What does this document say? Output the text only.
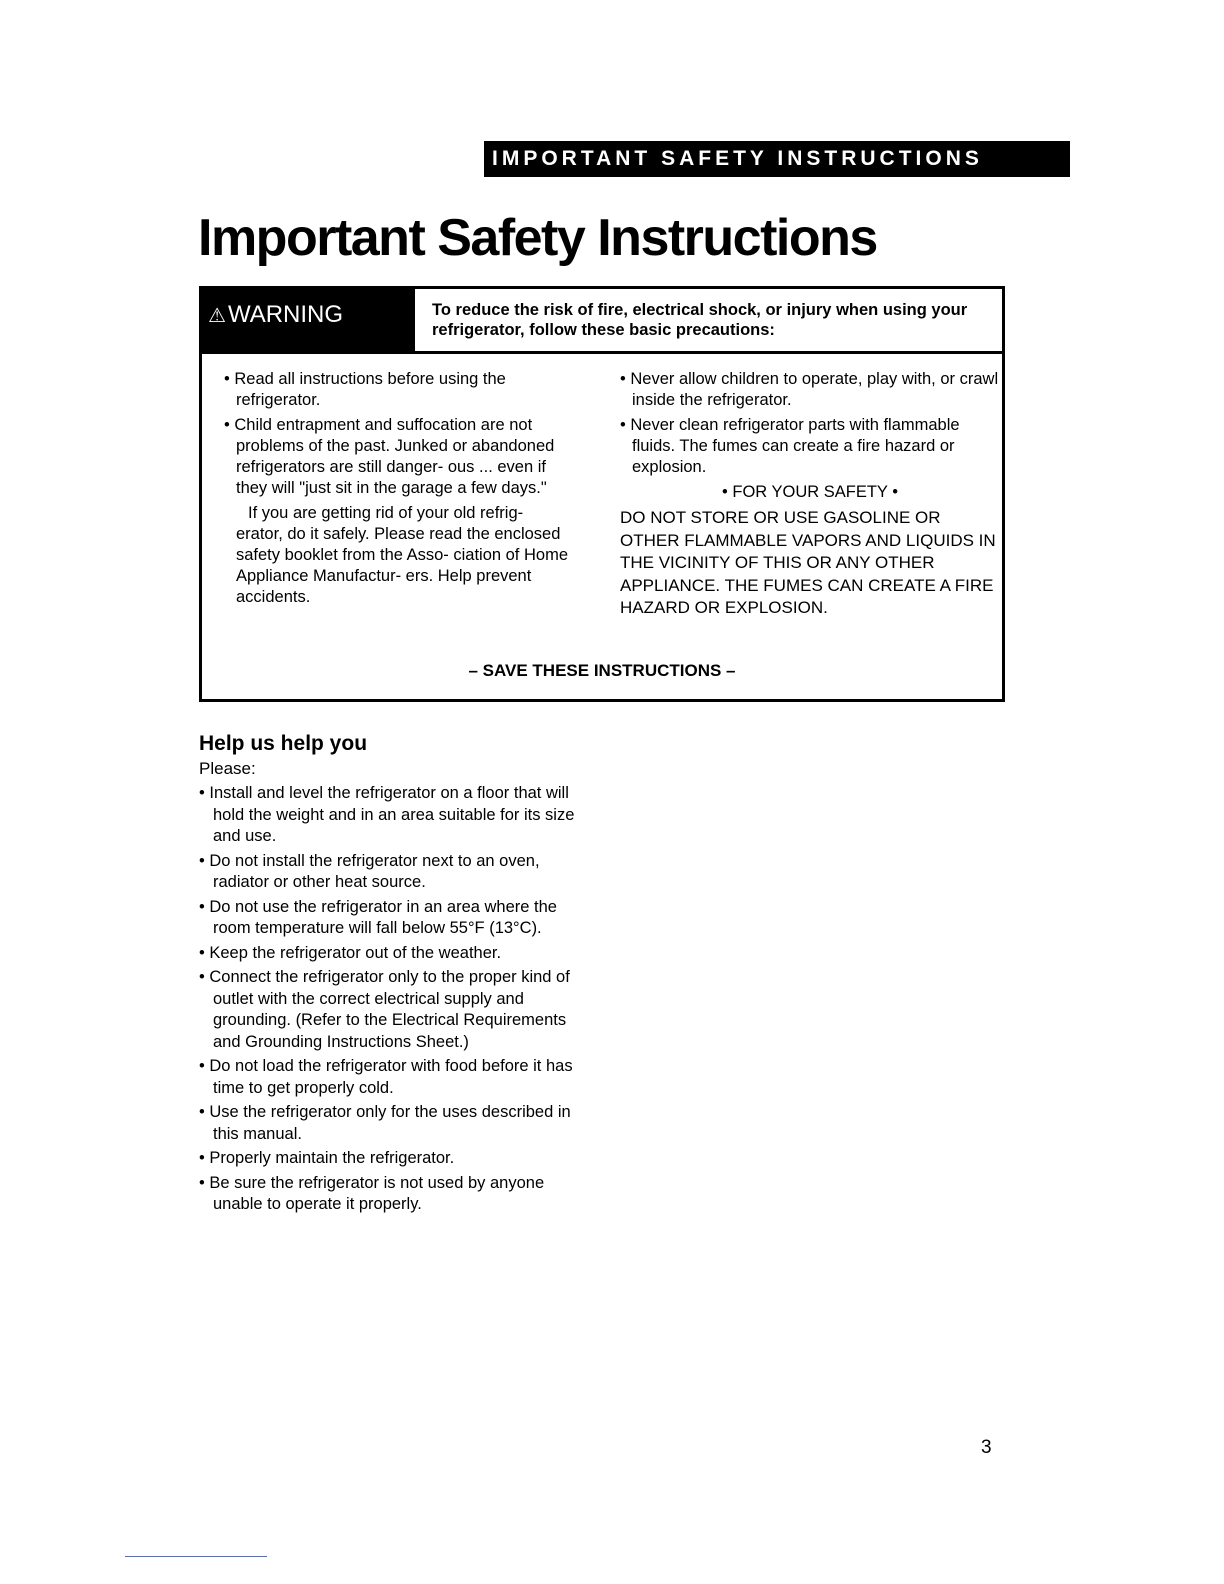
IMPORTANT SAFETY INSTRUCTIONS
Important Safety Instructions
⚠WARNING	To reduce the risk of fire, electrical shock, or injury when using your refrigerator, follow these basic precautions:
• Read all instructions before using the refrigerator.
• Child entrapment and suffocation are not problems of the past. Junked or abandoned refrigerators are still danger- ous ... even if they will "just sit in the garage a few days."
If you are getting rid of your old refrig- erator, do it safely. Please read the enclosed safety booklet from the Asso- ciation of Home Appliance Manufactur- ers. Help prevent accidents.
• Never allow children to operate, play with, or crawl inside the refrigerator.
• Never clean refrigerator parts with flammable fluids. The fumes can create a fire hazard or explosion.
• FOR YOUR SAFETY •
DO NOT STORE OR USE GASOLINE OR OTHER FLAMMABLE VAPORS AND LIQUIDS IN THE VICINITY OF THIS OR ANY OTHER APPLIANCE. THE FUMES CAN CREATE A FIRE HAZARD OR EXPLOSION.
– SAVE THESE INSTRUCTIONS –
Help us help you
Please:
• Install and level the refrigerator on a floor that will hold the weight and in an area suitable for its size and use.
• Do not install the refrigerator next to an oven, radiator or other heat source.
• Do not use the refrigerator in an area where the room temperature will fall below 55°F (13°C).
• Keep the refrigerator out of the weather.
• Connect the refrigerator only to the proper kind of outlet with the correct electrical supply and grounding. (Refer to the Electrical Requirements and Grounding Instructions Sheet.)
• Do not load the refrigerator with food before it has time to get properly cold.
• Use the refrigerator only for the uses described in this manual.
• Properly maintain the refrigerator.
• Be sure the refrigerator is not used by anyone unable to operate it properly.
3
